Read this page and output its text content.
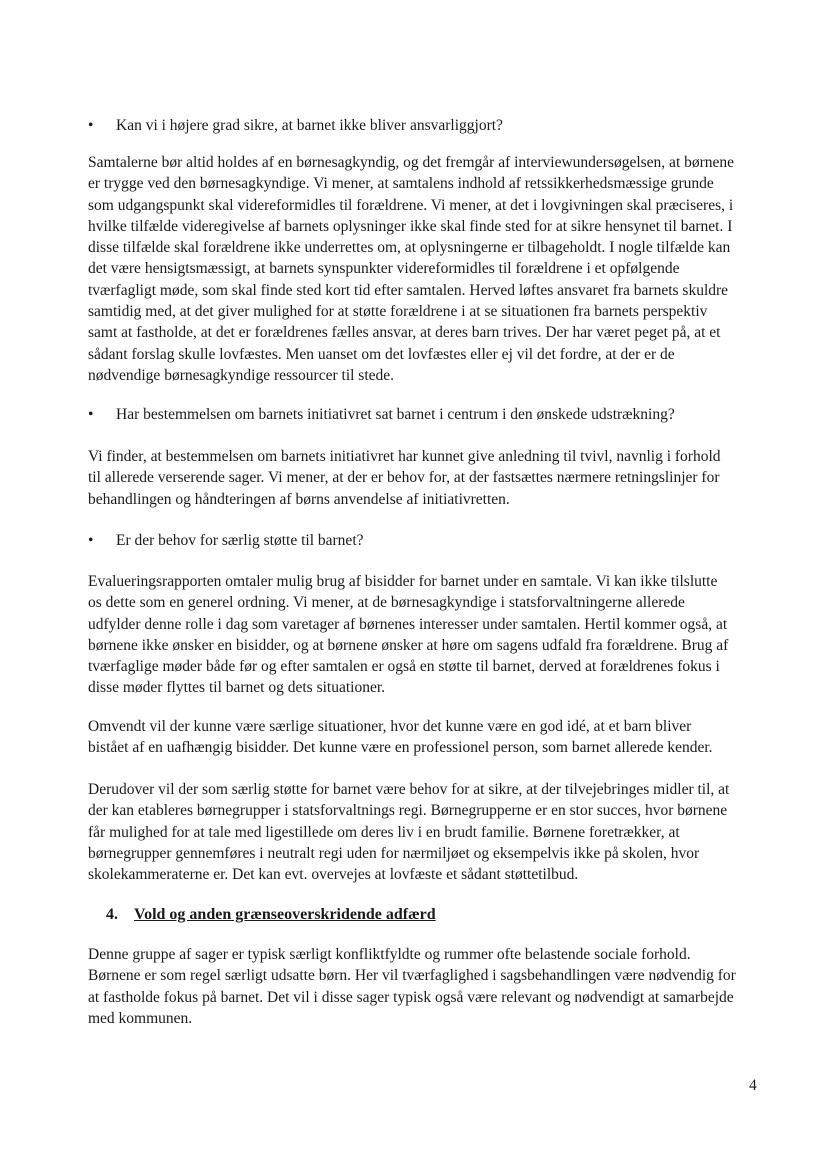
•	Kan vi i højere grad sikre, at barnet ikke bliver ansvarliggjort?
Samtalerne bør altid holdes af en børnesagkyndig, og det fremgår af interviewundersøgelsen, at børnene
er trygge ved den børnesagkyndige. Vi mener, at samtalens indhold af retssikkerhedsmæssige grunde
som udgangspunkt skal videreformidles til forældrene. Vi mener, at det i lovgivningen skal præciseres, i
hvilke tilfælde videregivelse af barnets oplysninger ikke skal finde sted for at sikre hensynet til barnet. I
disse tilfælde skal forældrene ikke underrettes om, at oplysningerne er tilbageholdt. I nogle tilfælde kan
det være hensigtsmæssigt, at barnets synspunkter videreformidles til forældrene i et opfølgende
tværfagligt møde, som skal finde sted kort tid efter samtalen. Herved løftes ansvaret fra barnets skuldre
samtidig med, at det giver mulighed for at støtte forældrene i at se situationen fra barnets perspektiv
samt at fastholde, at det er forældrenes fælles ansvar, at deres barn trives. Der har været peget på, at et
sådant forslag skulle lovfæstes. Men uanset om det lovfæstes eller ej vil det fordre, at der er de
nødvendige børnesagkyndige ressourcer til stede.
•	Har bestemmelsen om barnets initiativret sat barnet i centrum i den ønskede udstrækning?
Vi finder, at bestemmelsen om barnets initiativret har kunnet give anledning til tvivl, navnlig i forhold
til allerede verserende sager. Vi mener, at der er behov for, at der fastsættes nærmere retningslinjer for
behandlingen og håndteringen af børns anvendelse af initiativretten.
•	Er der behov for særlig støtte til barnet?
Evalueringsrapporten omtaler mulig brug af bisidder for barnet under en samtale. Vi kan ikke tilslutte
os dette som en generel ordning. Vi mener, at de børnesagkyndige i statsforvaltningerne allerede
udfylder denne rolle i dag som varetager af børnenes interesser under samtalen. Hertil kommer også, at
børnene ikke ønsker en bisidder, og at børnene ønsker at høre om sagens udfald fra forældrene. Brug af
tværfaglige møder både før og efter samtalen er også en støtte til barnet, derved at forældrenes fokus i
disse møder flyttes til barnet og dets situationer.
Omvendt vil der kunne være særlige situationer, hvor det kunne være en god idé, at et barn bliver
bistået af en uafhængig bisidder. Det kunne være en professionel person, som barnet allerede kender.
Derudover vil der som særlig støtte for barnet være behov for at sikre, at der tilvejebringes midler til, at
der kan etableres børnegrupper i statsforvaltnings regi. Børnegrupperne er en stor succes, hvor børnene
får mulighed for at tale med ligestillede om deres liv i en brudt familie. Børnene foretrækker, at
børnegrupper gennemføres i neutralt regi uden for nærmiljøet og eksempelvis ikke på skolen, hvor
skolekammeraterne er. Det kan evt. overvejes at lovfæste et sådant støttetilbud.
4. Vold og anden grænseoverskridende adfærd
Denne gruppe af sager er typisk særligt konfliktfyldte og rummer ofte belastende sociale forhold.
Børnene er som regel særligt udsatte børn. Her vil tværfaglighed i sagsbehandlingen være nødvendig for
at fastholde fokus på barnet. Det vil i disse sager typisk også være relevant og nødvendigt at samarbejde
med kommunen.
4
